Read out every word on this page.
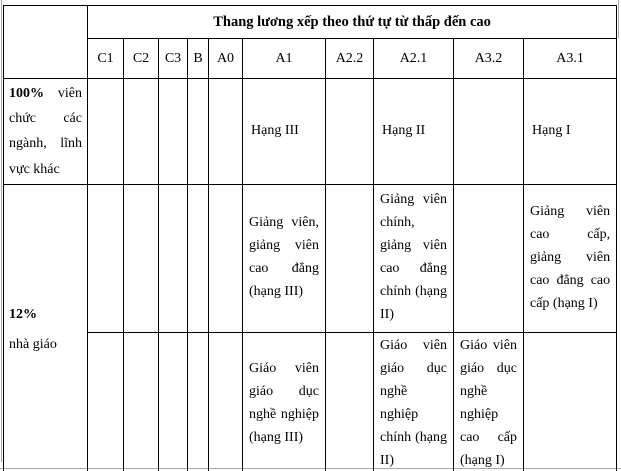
	Thang lương xếp theo thứ tự từ thấp đến cao									
	C1	C2	C3	B	A0	A1	A2.2	A2.1	A3.2	A3.1
100% viên chức các ngành, lĩnh vực khác						Hạng III		Hạng II		Hạng I

12%
nhà giáo						Giảng viên, giảng viên cao đẳng (hạng III)		Giảng viên chính, giảng viên cao đẳng chính (hạng II)		Giảng viên cao cấp, giảng viên cao đẳng cao cấp (hạng I)
						Giáo viên giáo dục nghề nghiệp (hạng III)		Giáo viên giáo dục nghề nghiệp chính (hạng II)	Giáo viên giáo dục nghề nghiệp cao cấp (hạng I)	
